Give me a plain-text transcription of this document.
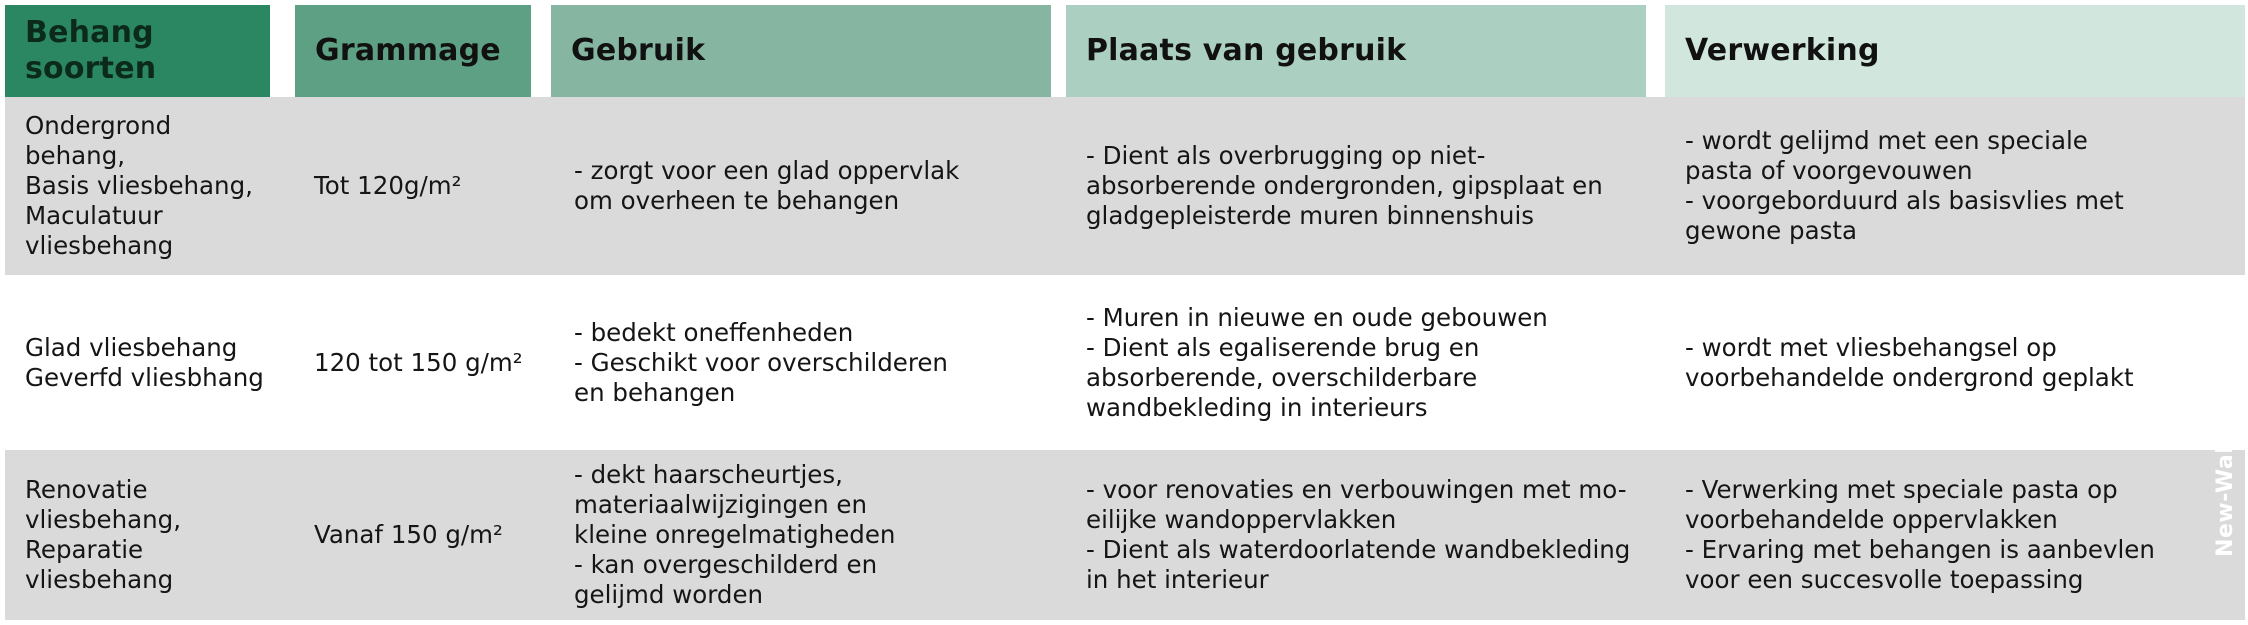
Behang
soorten
Grammage Gebruik	Plaats van gebruik	Verwerking
Ondergrond
behang,
Basis vliesbehang,
Maculatuur
vliesbehang
Tot 120g/m²
- zorgt voor een glad oppervlak
om overheen te behangen
- Dient als overbrugging op niet-
absorberende ondergronden, gipsplaat en
gladgepleisterde muren binnenshuis
- wordt gelijmd met een speciale
pasta of voorgevouwen
- voorgeborduurd als basisvlies met
gewone pasta
Glad vliesbehang
Geverfd vliesbhang
120 tot 150 g/m²
- bedekt oneffenheden
- Geschikt voor overschilderen
en behangen
- Muren in nieuwe en oude gebouwen
- Dient als egaliserende brug en
absorberende, overschilderbare
wandbekleding in interieurs
- wordt met vliesbehangsel op
voorbehandelde ondergrond geplakt
Renovatie
vliesbehang,
Reparatie
vliesbehang
Vanaf 150 g/m²
- dekt haarscheurtjes,
materiaalwijzigingen en
kleine onregelmatigheden
- kan overgeschilderd en
gelijmd worden
- voor renovaties en verbouwingen met mo-
eilijke wandoppervlakken
- Dient als waterdoorlatende wandbekleding
in het interieur
- Verwerking met speciale pasta op
voorbehandelde oppervlakken
- Ervaring met behangen is aanbevlen
voor een succesvolle toepassing
New-Walls
